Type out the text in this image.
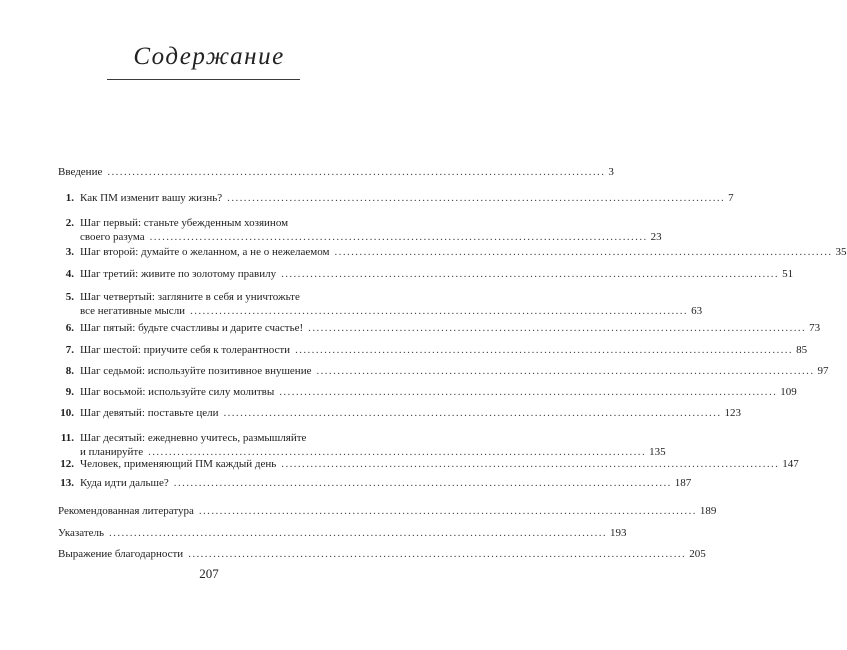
Содержание
Введение ........................................................................................................................ 3
1. Как ПМ изменит вашу жизнь? ........................................................................................................................ 7
2. Шаг первый: станьте убежденным хозяином
своего разума ........................................................................................................................ 23
3. Шаг второй: думайте о желанном, а не о нежелаемом ........................................................................................................................ 35
4. Шаг третий: живите по золотому правилу ........................................................................................................................ 51
5. Шаг четвертый: загляните в себя и уничтожьте
все негативные мысли ........................................................................................................................ 63
6. Шаг пятый: будьте счастливы и дарите счастье! ........................................................................................................................ 73
7. Шаг шестой: приучите себя к толерантности ........................................................................................................................ 85
8. Шаг седьмой: используйте позитивное внушение ........................................................................................................................ 97
9. Шаг восьмой: используйте силу молитвы ........................................................................................................................ 109
10. Шаг девятый: поставьте цели ........................................................................................................................ 123
11. Шаг десятый: ежедневно учитесь, размышляйте
и планируйте ........................................................................................................................ 135
12. Человек, применяющий ПМ каждый день ........................................................................................................................ 147
13. Куда идти дальше? ........................................................................................................................ 187
Рекомендованная литература ........................................................................................................................ 189
Указатель ........................................................................................................................ 193
Выражение благодарности ........................................................................................................................ 205
207
